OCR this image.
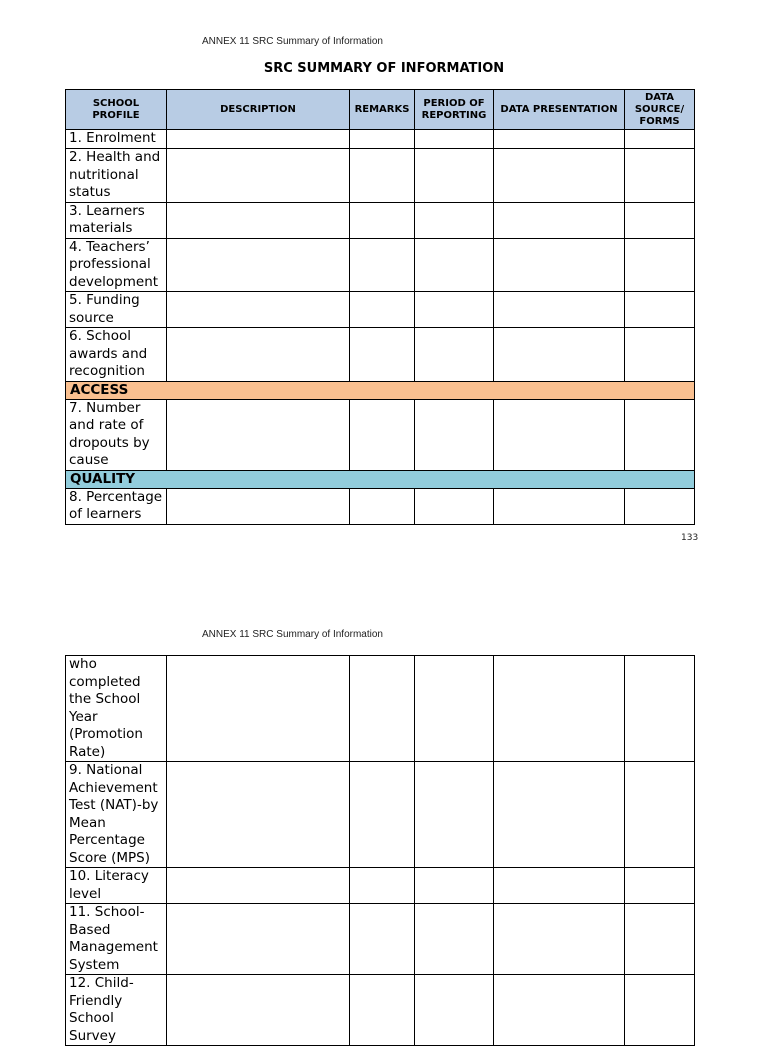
ANNEX 11 SRC Summary of Information
SRC SUMMARY OF INFORMATION
SCHOOL PROFILE	DESCRIPTION	REMARKS	PERIOD OF REPORTING	DATA PRESENTATION	DATA SOURCE/ FORMS
1. Enrolment					
2. Health and nutritional status					
3. Learners materials					
4. Teachers’ professional development					
5. Funding source					
6. School awards and recognition					
ACCESS					
7. Number and rate of dropouts by cause					
QUALITY					
8. Percentage of learners					
133
ANNEX 11 SRC Summary of Information
who completed the School Year (Promotion Rate)					
9. National Achievement Test (NAT)-by Mean Percentage Score (MPS)					
10. Literacy level					
11. School-Based Management System					
12. Child-Friendly School Survey					
